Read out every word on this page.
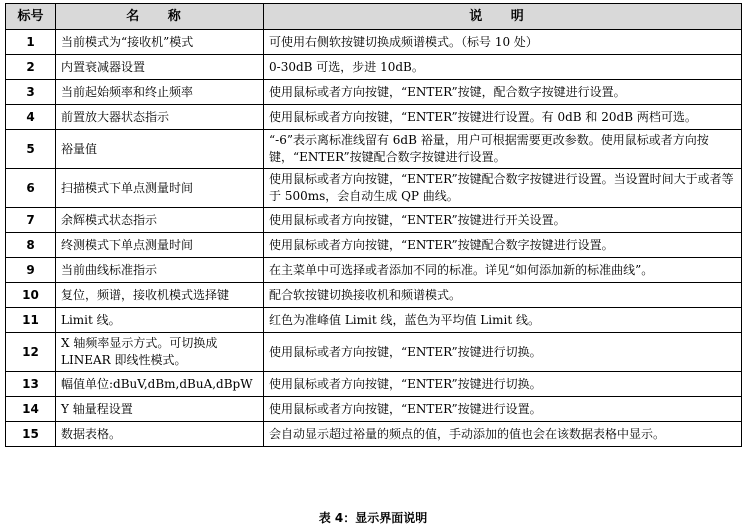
标号	名 称	说 明
1	当前模式为“接收机”模式	可使用右侧软按键切换成频谱模式。（标号 10 处）
2	内置衰减器设置	0-30dB 可选，步进 10dB。
3	当前起始频率和终止频率	使用鼠标或者方向按键，“ENTER”按键，配合数字按键进行设置。
4	前置放大器状态指示	使用鼠标或者方向按键，“ENTER”按键进行设置。有 0dB 和 20dB 两档可选。
5	裕量值	“-6”表示离标准线留有 6dB 裕量，用户可根据需要更改参数。使用鼠标或者方向按键，“ENTER”按键配合数字按键进行设置。
6	扫描模式下单点测量时间	使用鼠标或者方向按键，“ENTER”按键配合数字按键进行设置。当设置时间大于或者等于 500ms，会自动生成 QP 曲线。
7	余辉模式状态指示	使用鼠标或者方向按键，“ENTER”按键进行开关设置。
8	终测模式下单点测量时间	使用鼠标或者方向按键，“ENTER”按键配合数字按键进行设置。
9	当前曲线标准指示	在主菜单中可选择或者添加不同的标准。详见“如何添加新的标准曲线”。
10	复位，频谱，接收机模式选择键	配合软按键切换接收机和频谱模式。
11	Limit 线。	红色为准峰值 Limit 线，蓝色为平均值 Limit 线。
12	X 轴频率显示方式。可切换成 LINEAR 即线性模式。	使用鼠标或者方向按键，“ENTER”按键进行切换。
13	幅值单位:dBuV,dBm,dBuA,dBpW	使用鼠标或者方向按键，“ENTER”按键进行切换。
14	Y 轴量程设置	使用鼠标或者方向按键，“ENTER”按键进行设置。
15	数据表格。	会自动显示超过裕量的频点的值，手动添加的值也会在该数据表格中显示。
表 4：显示界面说明
